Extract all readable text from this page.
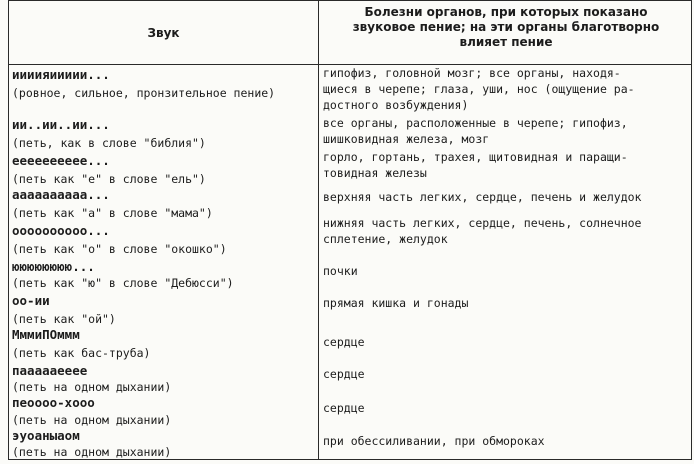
Звук
Болезни органов, при которых показано
звуковое пение; на эти органы благотворно
влияет пение
иииияиииии...
(ровное, сильное, пронзительное пение)
гипофиз, головной мозг; все органы, находя-
щиеся в черепе; глаза, уши, нос (ощущение ра-
достного возбуждения)
ии..ии..ии...
(петь, как в слове "библия")
все органы, расположенные в черепе; гипофиз,
шишковидная железа, мозг
ееееееееее...
(петь как "е" в слове "ель")
горло, гортань, трахея, щитовидная и паращи-
товидная железы
аааааааааа...
(петь как "а" в слове "мама")
верхняя часть легких, сердце, печень и желудок
оооооооооо...
(петь как "о" в слове "окошко")
нижняя часть легких, сердце, печень, солнечное
сплетение, желудок
юююююююю...
(петь как "ю" в слове "Дебюсси")
почки
оо-ии
(петь как "ой")
прямая кишка и гонады
МммиПОммм
(петь как бас-труба)
сердце
паааааееее
(петь на одном дыхании)
сердце
пеоооо-хооо
(петь на одном дыхании)
сердце
эуоаныаом
(петь на одном дыхании)
при обессиливании, при обмороках
